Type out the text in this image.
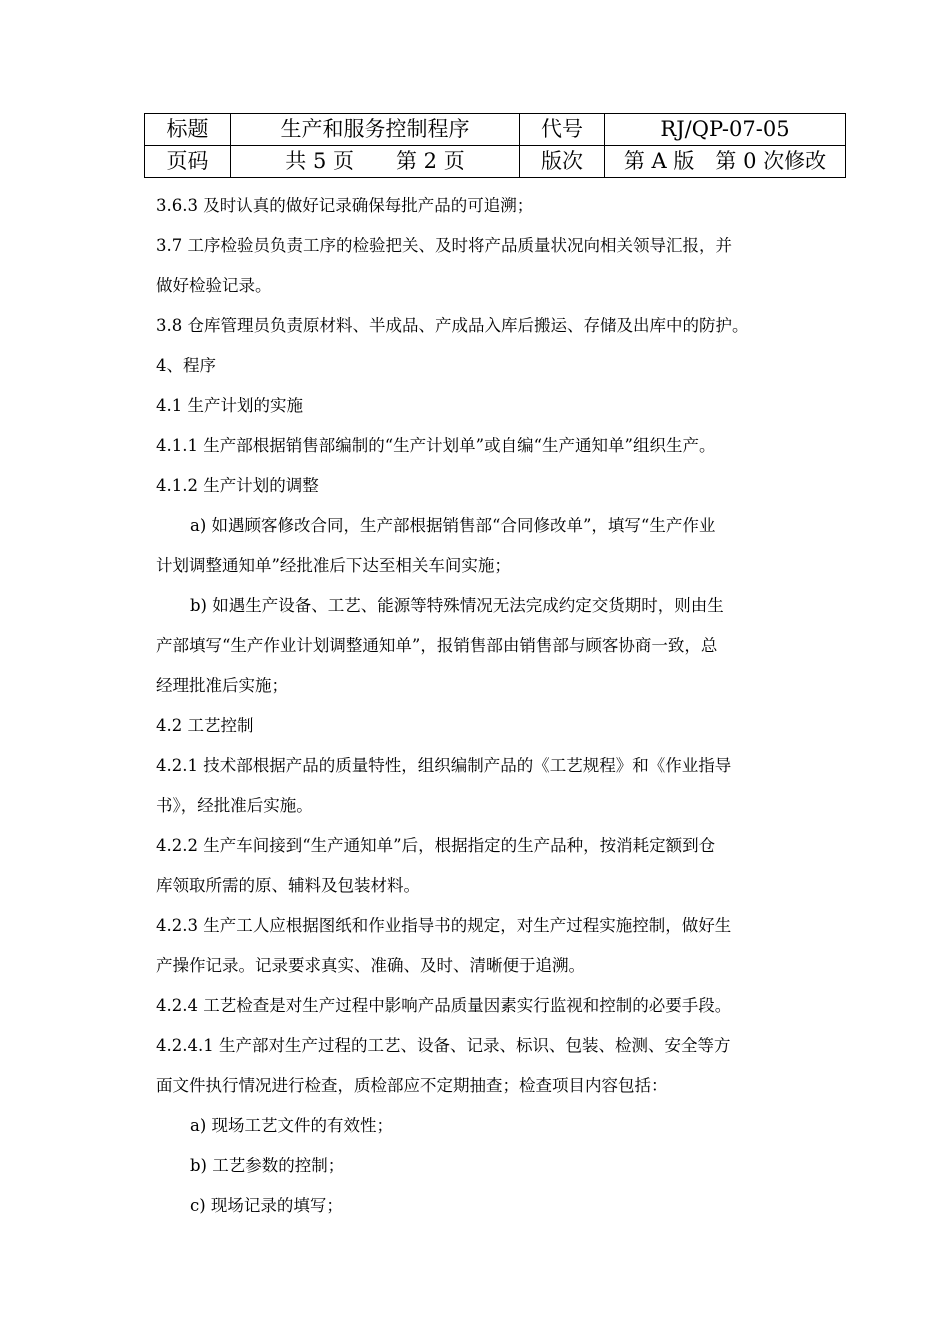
标题	生产和服务控制程序	代号	RJ/QP-07-05
页码	共 5 页　　第 2 页	版次	第 A 版　第 0 次修改
3.6.3 及时认真的做好记录确保每批产品的可追溯；
3.7 工序检验员负责工序的检验把关、及时将产品质量状况向相关领导汇报，并
做好检验记录。
3.8 仓库管理员负责原材料、半成品、产成品入库后搬运、存储及出库中的防护。
4、程序
4.1 生产计划的实施
4.1.1 生产部根据销售部编制的“生产计划单”或自编“生产通知单”组织生产。
4.1.2 生产计划的调整
a) 如遇顾客修改合同，生产部根据销售部“合同修改单”，填写“生产作业
计划调整通知单”经批准后下达至相关车间实施；
b) 如遇生产设备、工艺、能源等特殊情况无法完成约定交货期时，则由生
产部填写“生产作业计划调整通知单”，报销售部由销售部与顾客协商一致，总
经理批准后实施；
4.2 工艺控制
4.2.1 技术部根据产品的质量特性，组织编制产品的《工艺规程》和《作业指导
书》，经批准后实施。
4.2.2 生产车间接到“生产通知单”后，根据指定的生产品种，按消耗定额到仓
库领取所需的原、辅料及包装材料。
4.2.3 生产工人应根据图纸和作业指导书的规定，对生产过程实施控制，做好生
产操作记录。记录要求真实、准确、及时、清晰便于追溯。
4.2.4 工艺检查是对生产过程中影响产品质量因素实行监视和控制的必要手段。
4.2.4.1 生产部对生产过程的工艺、设备、记录、标识、包装、检测、安全等方
面文件执行情况进行检查，质检部应不定期抽查；检查项目内容包括：
a) 现场工艺文件的有效性；
b) 工艺参数的控制；
c) 现场记录的填写；
